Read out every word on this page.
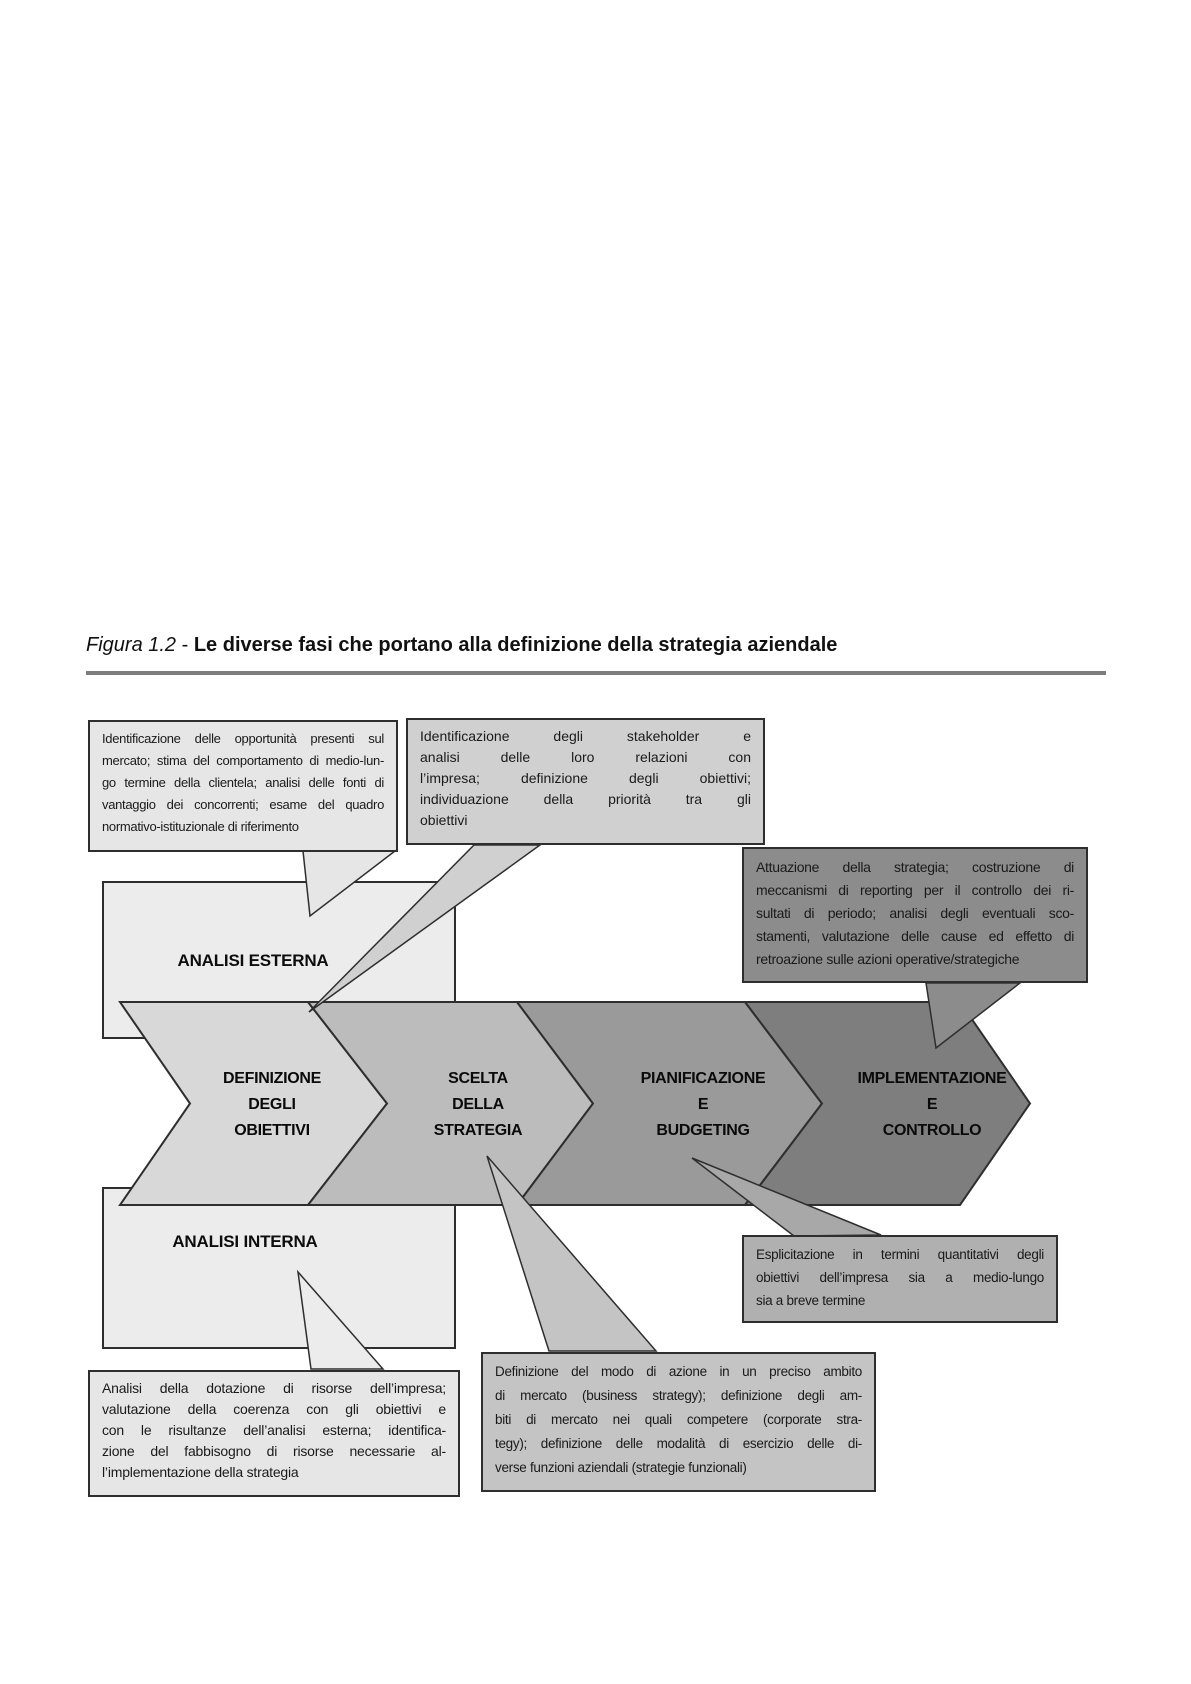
Figura 1.2 - Le diverse fasi che portano alla definizione della strategia aziendale
Identificazione delle opportunità presenti sul
mercato; stima del comportamento di medio-lun-
go termine della clientela; analisi delle fonti di
vantaggio dei concorrenti; esame del quadro
normativo-istituzionale di riferimento
Identificazione degli stakeholder e
analisi delle loro relazioni con
l’impresa; definizione degli obiettivi;
individuazione della priorità tra gli
obiettivi
Attuazione della strategia; costruzione di
meccanismi di reporting per il controllo dei ri-
sultati di periodo; analisi degli eventuali sco-
stamenti, valutazione delle cause ed effetto di
retroazione sulle azioni operative/strategiche
Analisi della dotazione di risorse dell’impresa;
valutazione della coerenza con gli obiettivi e
con le risultanze dell’analisi esterna; identifica-
zione del fabbisogno di risorse necessarie al-
l’implementazione della strategia
Esplicitazione in termini quantitativi degli
obiettivi dell’impresa sia a medio-lungo
sia a breve termine
Definizione del modo di azione in un preciso ambito
di mercato (business strategy); definizione degli am-
biti di mercato nei quali competere (corporate stra-
tegy); definizione delle modalità di esercizio delle di-
verse funzioni aziendali (strategie funzionali)
ANALISI ESTERNA
ANALISI INTERNA
DEFINIZIONE
DEGLI
OBIETTIVI
SCELTA
DELLA
STRATEGIA
PIANIFICAZIONE
E
BUDGETING
IMPLEMENTAZIONE
E
CONTROLLO
